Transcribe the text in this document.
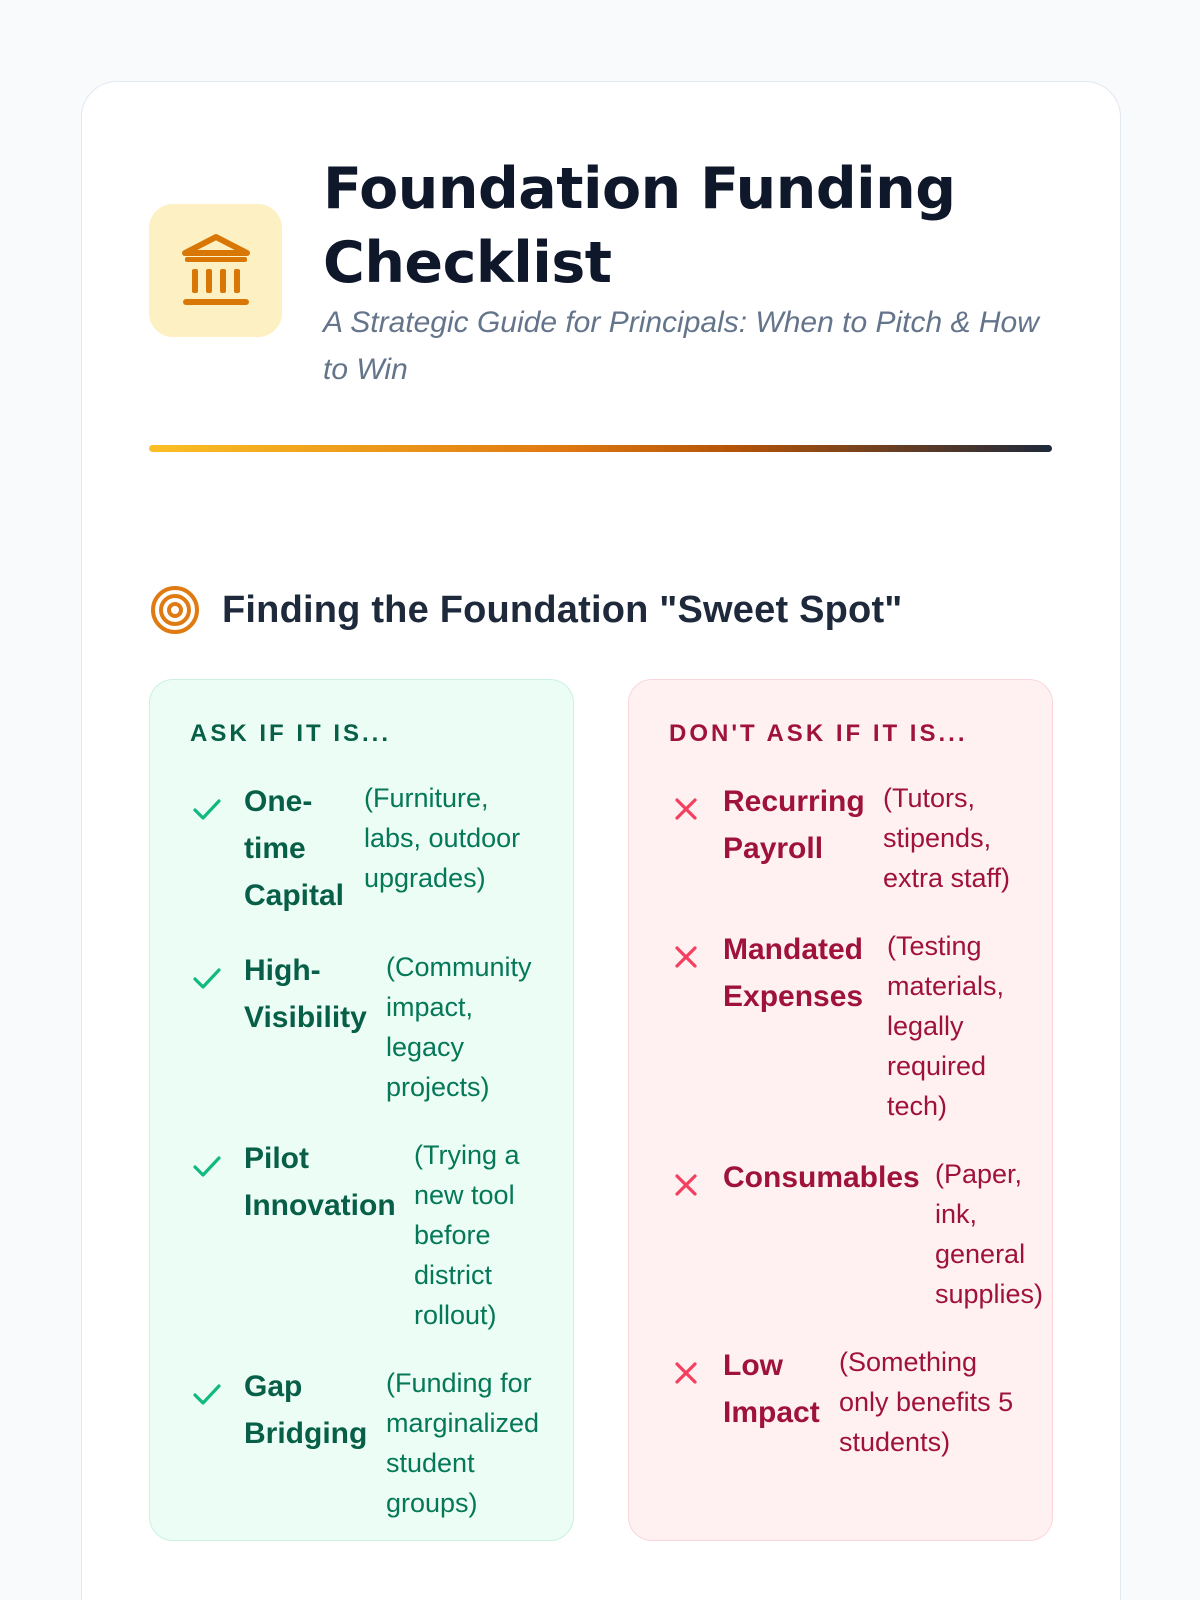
Foundation Funding Checklist

A Strategic Guide for Principals: When to Pitch & How to Win

Finding the Foundation "Sweet Spot"
ASK IF IT IS...
One-time Capital
(Furniture, labs, outdoor upgrades)
High-Visibility
(Community impact, legacy projects)
Pilot Innovation
(Trying a new tool before district rollout)
Gap Bridging
(Funding for marginalized student groups)
DON'T ASK IF IT IS...
Recurring Payroll
(Tutors, stipends, extra staff)
Mandated Expenses
(Testing materials, legally required tech)
Consumables (Paper, ink, general supplies)
Low Impact
(Something only benefits 5 students)
